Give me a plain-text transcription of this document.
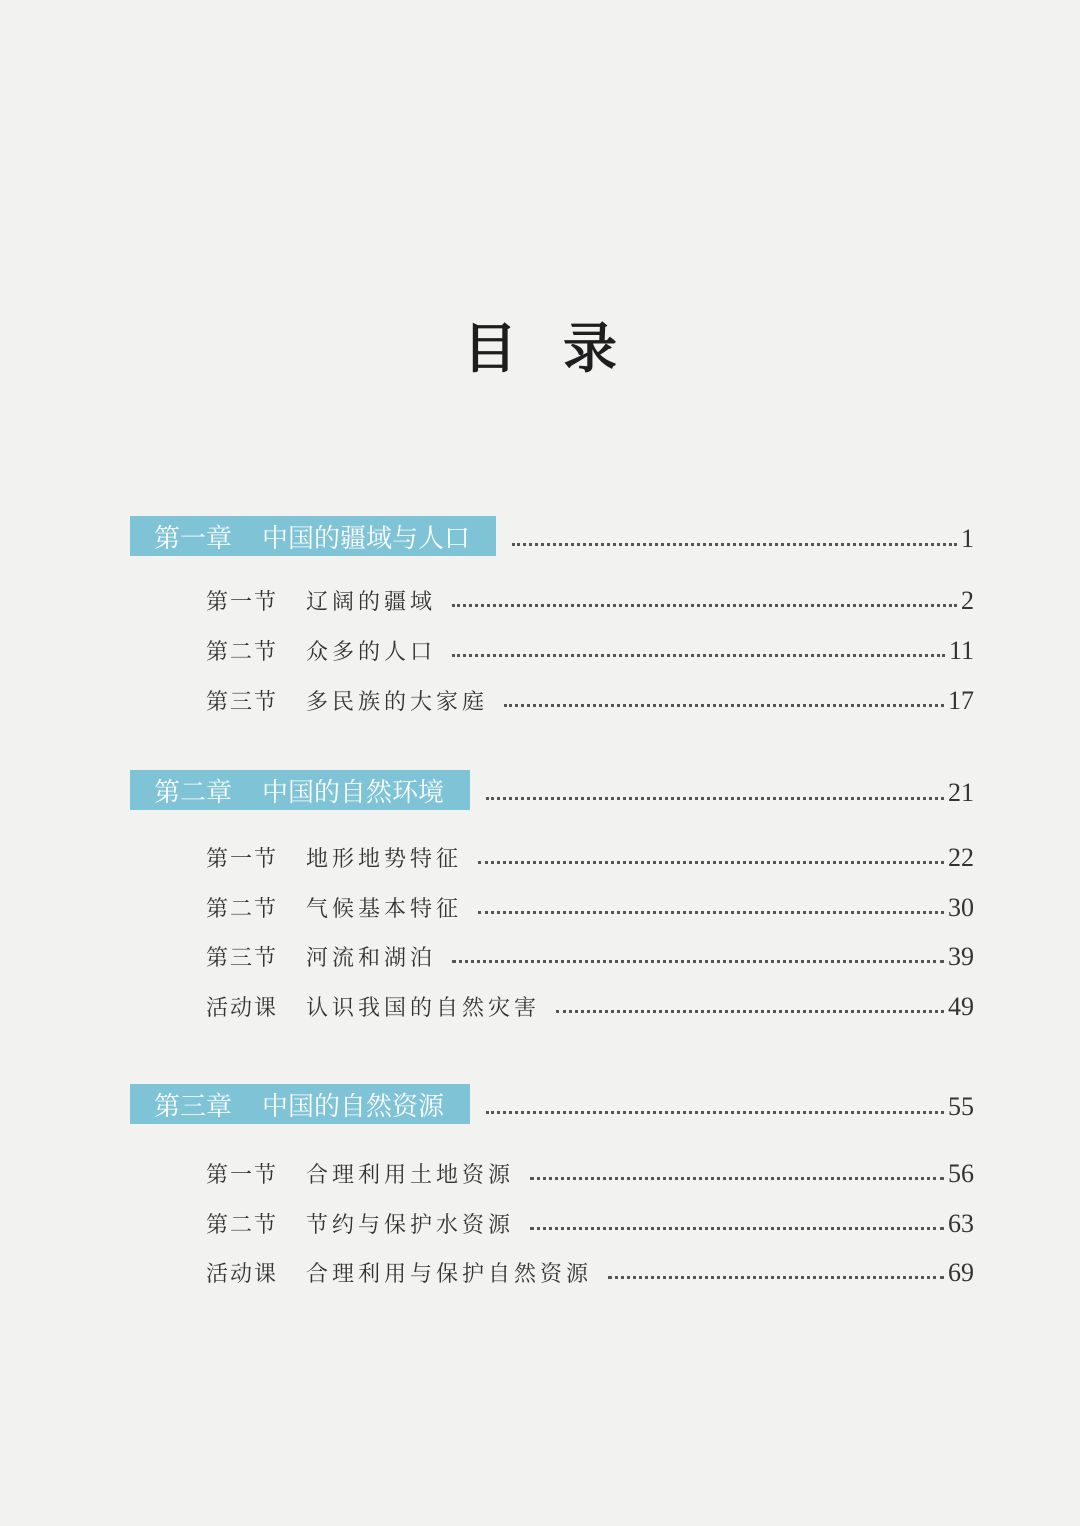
目 录
第一章 中国的疆域与人口	1
第一节	辽阔的疆域	2
第二节	众多的人口	11
第三节	多民族的大家庭	17
第二章 中国的自然环境	21
第一节	地形地势特征	22
第二节	气候基本特征	30
第三节	河流和湖泊	39
活动课	认识我国的自然灾害	49
第三章 中国的自然资源	55
第一节	合理利用土地资源	56
第二节	节约与保护水资源	63
活动课	合理利用与保护自然资源	69
